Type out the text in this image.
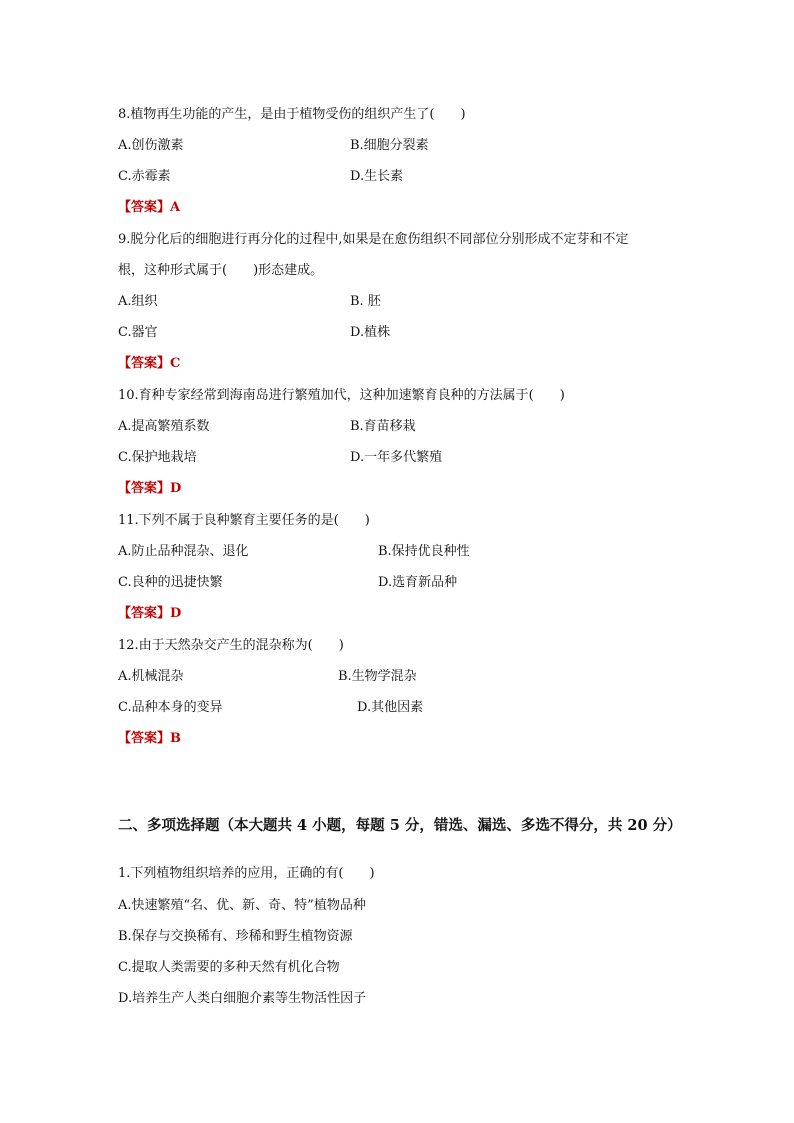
8.植物再生功能的产生，是由于植物受伤的组织产生了(　　)
A.创伤激素	B.细胞分裂素
C.赤霉素	D.生长素
【答案】A
9.脱分化后的细胞进行再分化的过程中,如果是在愈伤组织不同部位分别形成不定芽和不定
根，这种形式属于(　　)形态建成。
A.组织	B. 胚
C.器官	D.植株
【答案】C
10.育种专家经常到海南岛进行繁殖加代，这种加速繁育良种的方法属于(　　)
A.提高繁殖系数	B.育苗移栽
C.保护地栽培	D.一年多代繁殖
【答案】D
11.下列不属于良种繁育主要任务的是(　　)
A.防止品种混杂、退化	B.保持优良种性
C.良种的迅捷快繁	D.选育新品种
【答案】D
12.由于天然杂交产生的混杂称为(　　)
A.机械混杂	B.生物学混杂
C.品种本身的变异	D.其他因素
【答案】B
二、多项选择题（本大题共 4 小题，每题 5 分，错选、漏选、多选不得分，共 20 分）
1.下列植物组织培养的应用，正确的有(　　)
A.快速繁殖“名、优、新、奇、特”植物品种
B.保存与交换稀有、珍稀和野生植物资源
C.提取人类需要的多种天然有机化合物
D.培养生产人类白细胞介素等生物活性因子
